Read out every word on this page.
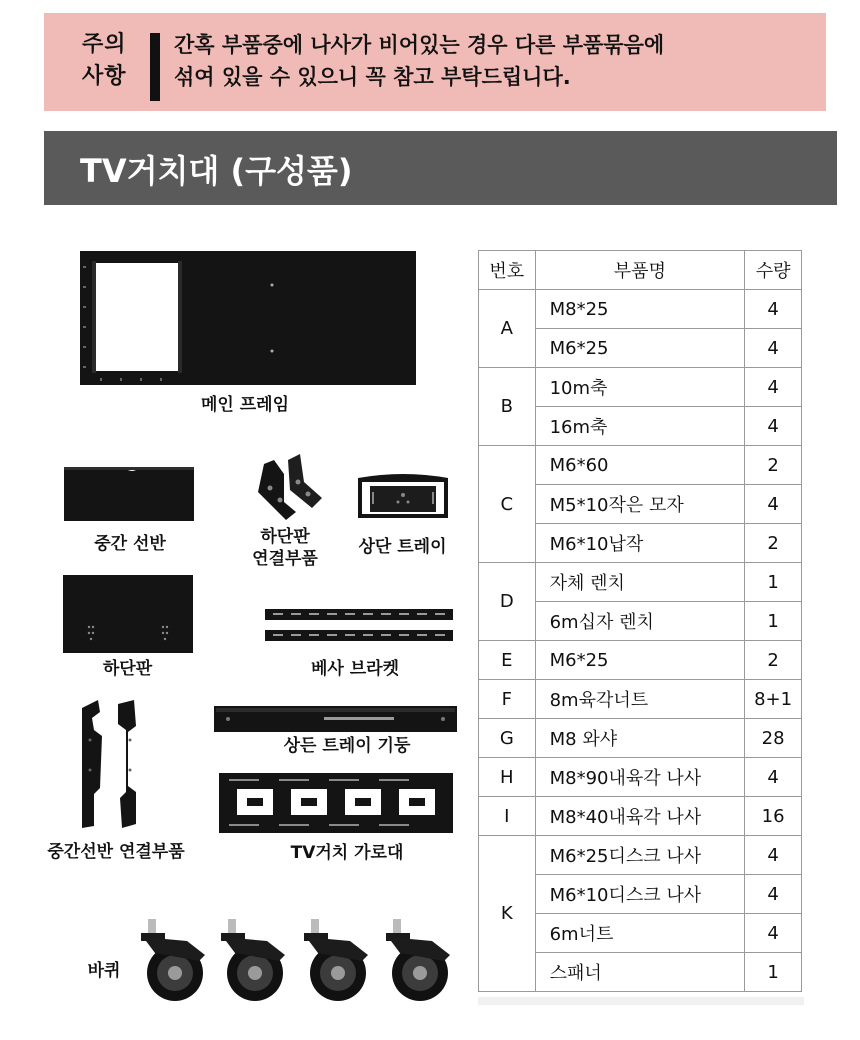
주의
사항
간혹 부품중에 나사가 비어있는 경우 다른 부품묶음에
섞여 있을 수 있으니 꼭 참고 부탁드립니다.
TV거치대 (구성품)
메인 프레임
중간 선반	하단판
연결부품
상단 트레이
하단판	베사 브라켓
중간선반 연결부품
상든 트레이 기둥
TV거치 가로대
바퀴
번호	부품명	수량
A	M8*25	4
	M6*25	4
B	10m축	4
	16m축	4
C	M6*60	2
	M5*10작은 모자	4
	M6*10납작	2
D	자체 렌치	1
	6m십자 렌치	1
E	M6*25	2
F	8m육각너트	8+1
G	M8 와샤	28
H	M8*90내육각 나사	4
I	M8*40내육각 나사	16
K	M6*25디스크 나사	4
	M6*10디스크 나사	4
	6m너트	4
	스패너	1
